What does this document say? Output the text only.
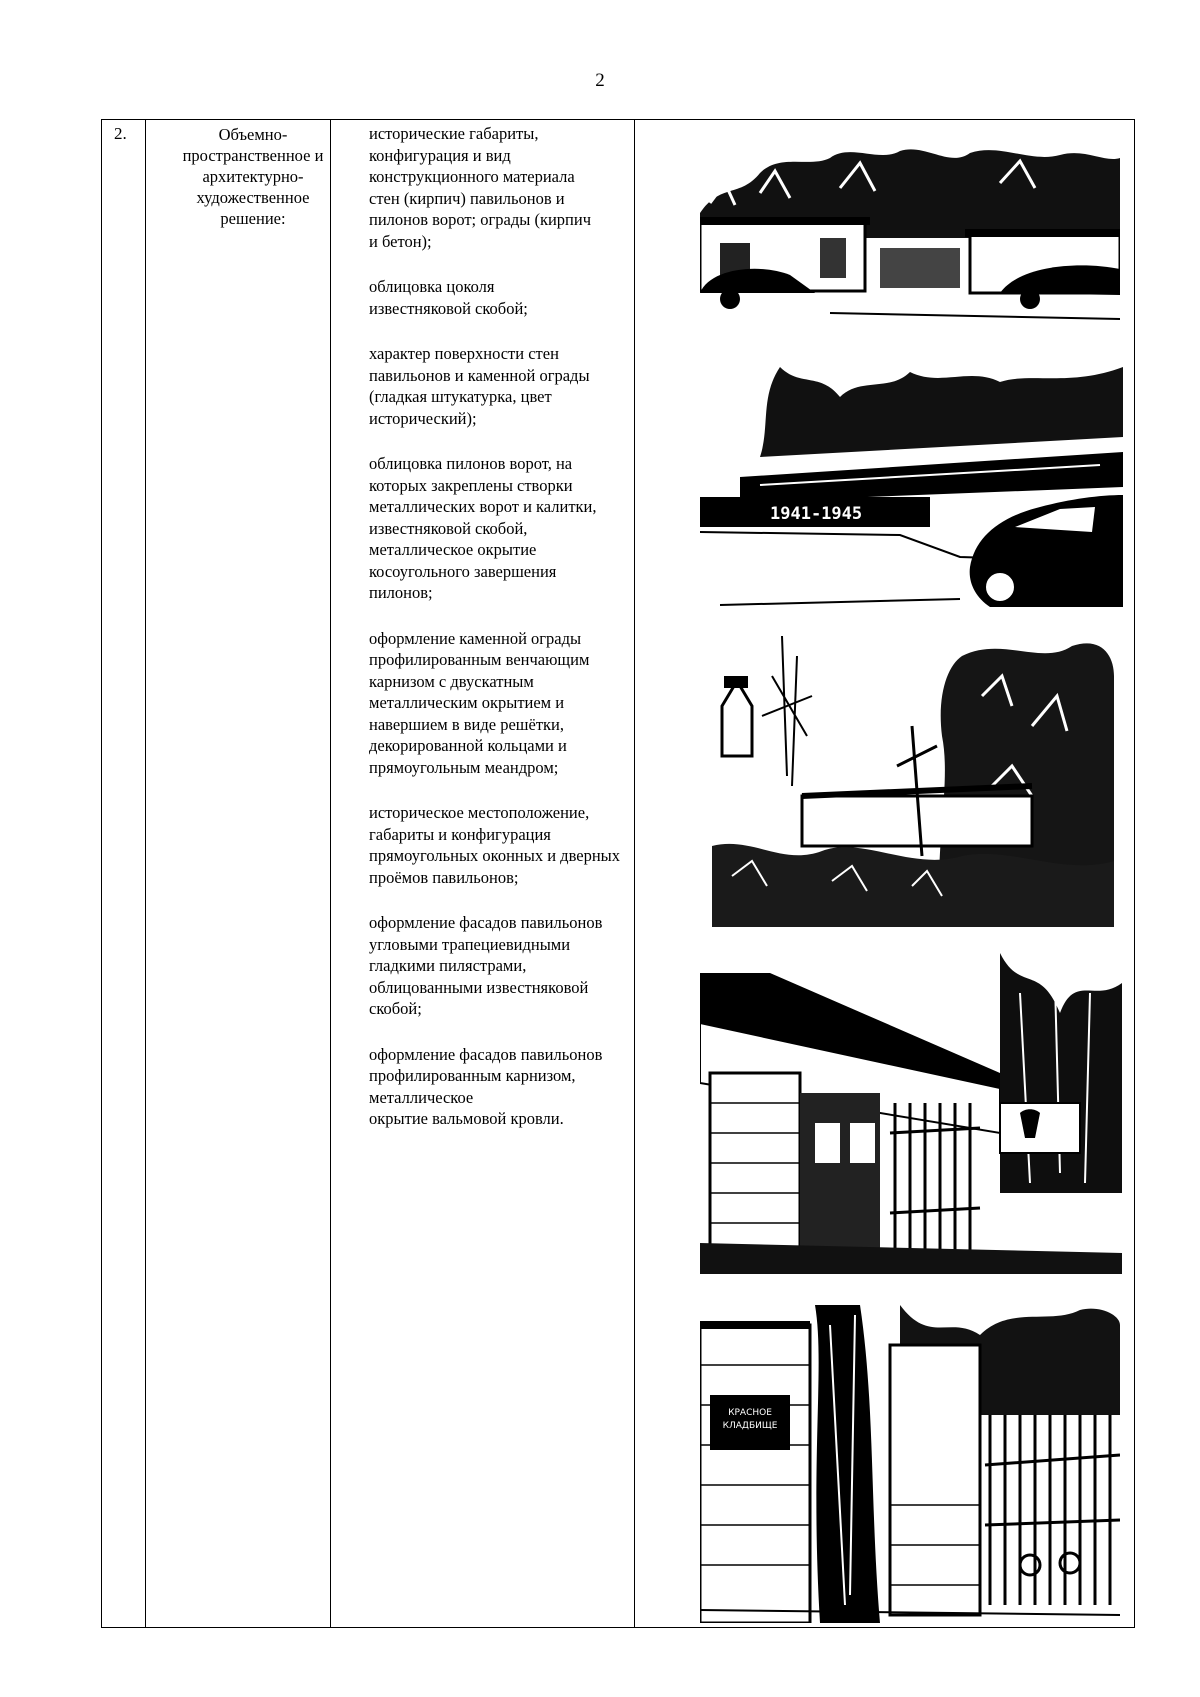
2
2.	Объемно-
пространственное и
архитектурно-
художественное
решение:

исторические габариты,
конфигурация и вид
конструкционного материала
стен (кирпич) павильонов и
пилонов ворот; ограды (кирпич
и бетон);

облицовка цоколя
известняковой скобой;

характер поверхности стен
павильонов и каменной ограды
(гладкая штукатурка, цвет
исторический);

облицовка пилонов ворот, на
которых закреплены створки
металлических ворот и калитки,
известняковой скобой,
металлическое окрытие
косоугольного завершения
пилонов;

оформление каменной ограды
профилированным венчающим
карнизом с двускатным
металлическим окрытием и
навершием в виде решётки,
декорированной кольцами и
прямоугольным меандром;

историческое местоположение,
габариты и конфигурация
прямоугольных оконных и дверных
проёмов павильонов;

оформление фасадов павильонов
угловыми трапециевидными
гладкими пилястрами,
облицованными известняковой
скобой;

оформление фасадов павильонов
профилированным карнизом,
металлическое
окрытие вальмовой кровли.

1941-1945
КРАСНОЕ
КЛАДБИЩЕ
